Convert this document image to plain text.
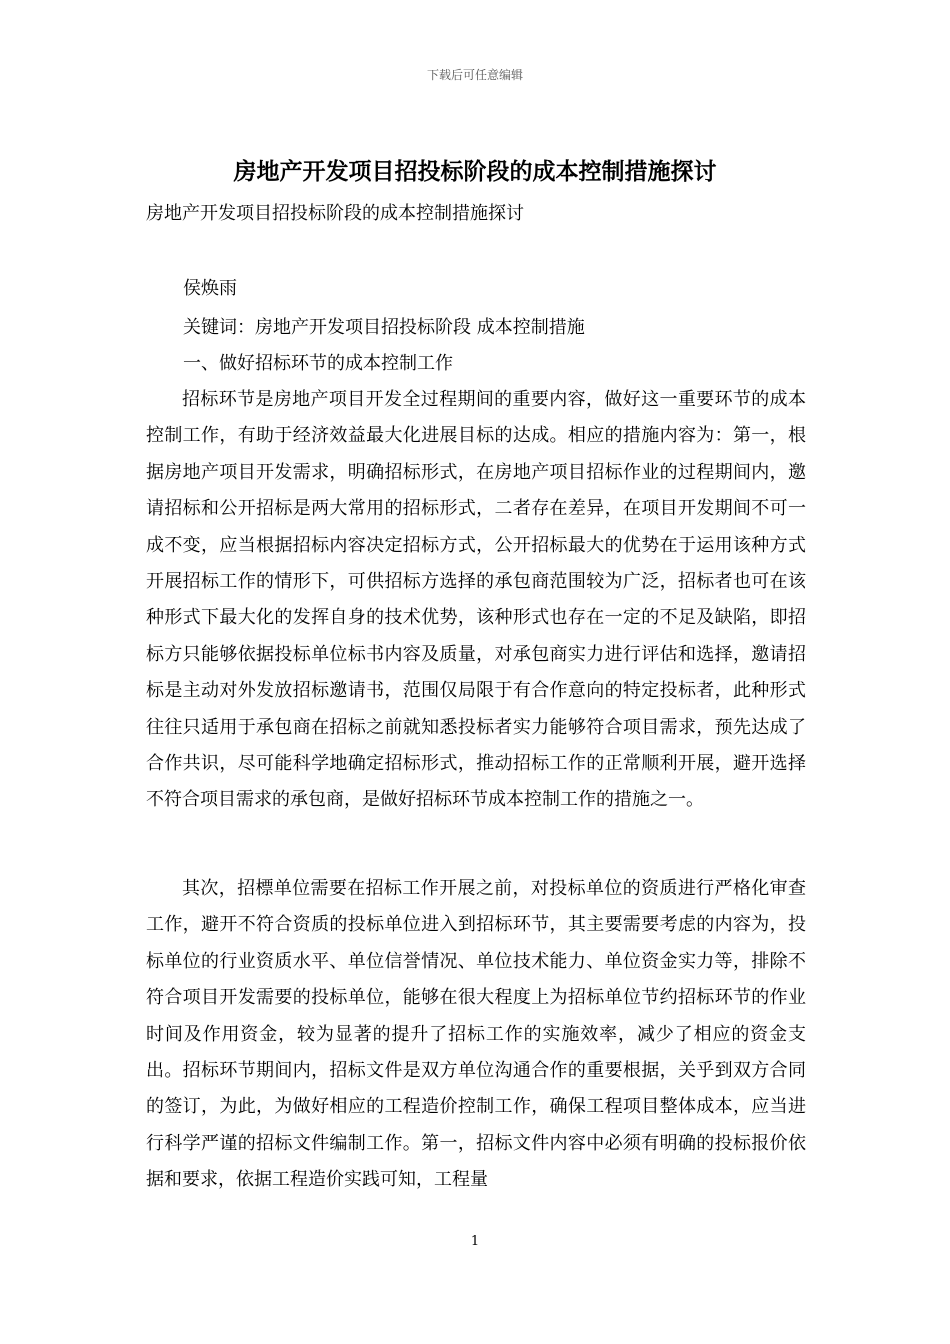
下载后可任意编辑
房地产开发项目招投标阶段的成本控制措施探讨

房地产开发项目招投标阶段的成本控制措施探讨

侯焕雨

关键词：房地产开发项目招投标阶段 成本控制措施

一、做好招标环节的成本控制工作

招标环节是房地产项目开发全过程期间的重要内容，做好这一重要环节的成本控制工作，有助于经济效益最大化进展目标的达成。相应的措施内容为：第一，根据房地产项目开发需求，明确招标形式，在房地产项目招标作业的过程期间内，邀请招标和公开招标是两大常用的招标形式，二者存在差异，在项目开发期间不可一成不变，应当根据招标内容决定招标方式，公开招标最大的优势在于运用该种方式开展招标工作的情形下，可供招标方选择的承包商范围较为广泛，招标者也可在该种形式下最大化的发挥自身的技术优势，该种形式也存在一定的不足及缺陷，即招标方只能够依据投标单位标书内容及质量，对承包商实力进行评估和选择，邀请招标是主动对外发放招标邀请书，范围仅局限于有合作意向的特定投标者，此种形式往往只适用于承包商在招标之前就知悉投标者实力能够符合项目需求，预先达成了合作共识，尽可能科学地确定招标形式，推动招标工作的正常顺利开展，避开选择不符合项目需求的承包商，是做好招标环节成本控制工作的措施之一。

其次，招標单位需要在招标工作开展之前，对投标单位的资质进行严格化审查工作，避开不符合资质的投标单位进入到招标环节，其主要需要考虑的内容为，投标单位的行业资质水平、单位信誉情况、单位技术能力、单位资金实力等，排除不符合项目开发需要的投标单位，能够在很大程度上为招标单位节约招标环节的作业时间及作用资金，较为显著的提升了招标工作的实施效率，减少了相应的资金支出。招标环节期间内，招标文件是双方单位沟通合作的重要根据，关乎到双方合同的签订，为此，为做好相应的工程造价控制工作，确保工程项目整体成本，应当进行科学严谨的招标文件编制工作。第一，招标文件内容中必须有明确的投标报价依据和要求，依据工程造价实践可知，工程量

1
